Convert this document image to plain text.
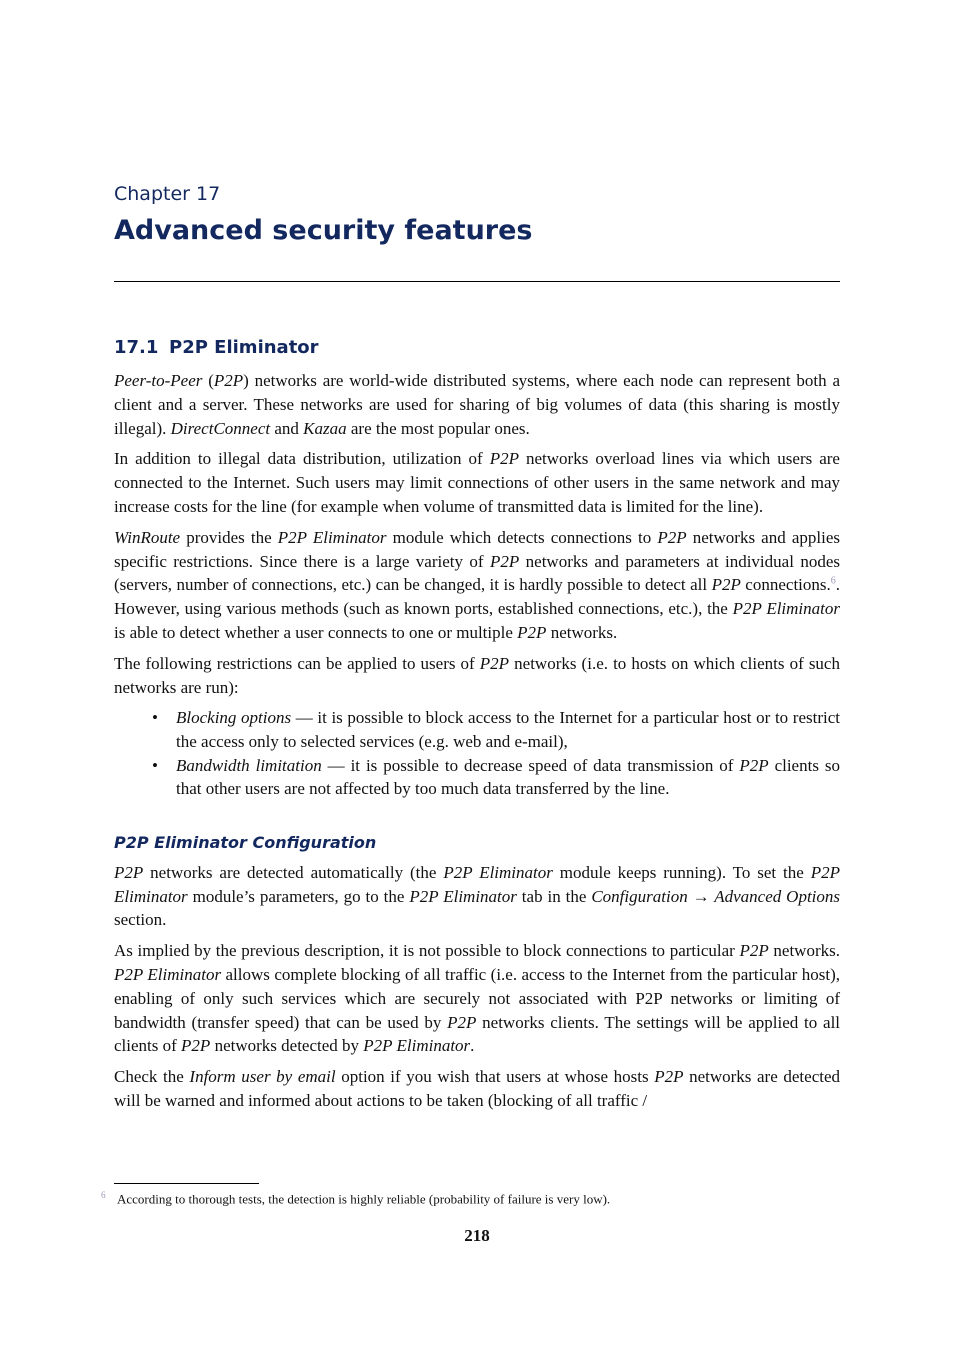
Chapter 17
Advanced security features
17.1 P2P Eliminator

Peer-to-Peer (P2P) networks are world-wide distributed systems, where each node can represent both a client and a server. These networks are used for sharing of big volumes of data (this sharing is mostly illegal). DirectConnect and Kazaa are the most popular ones.

In addition to illegal data distribution, utilization of P2P networks overload lines via which users are connected to the Internet. Such users may limit connections of other users in the same network and may increase costs for the line (for example when volume of transmitted data is limited for the line).

WinRoute provides the P2P Eliminator module which detects connections to P2P networks and applies specific restrictions. Since there is a large variety of P2P networks and parameters at individual nodes (servers, number of connections, etc.) can be changed, it is hardly possible to detect all P2P connections.$^6$. However, using various methods (such as known ports, established connections, etc.), the P2P Eliminator is able to detect whether a user connects to one or multiple P2P networks.

The following restrictions can be applied to users of P2P networks (i.e. to hosts on which clients of such networks are run):

• Blocking options — it is possible to block access to the Internet for a particular host or to restrict the access only to selected services (e.g. web and e-mail),
• Bandwidth limitation — it is possible to decrease speed of data transmission of P2P clients so that other users are not affected by too much data transferred by the line.
P2P Eliminator Configuration

P2P networks are detected automatically (the P2P Eliminator module keeps running). To set the P2P Eliminator module’s parameters, go to the P2P Eliminator tab in the Configuration → Advanced Options section.

As implied by the previous description, it is not possible to block connections to particular P2P networks. P2P Eliminator allows complete blocking of all traffic (i.e. access to the Internet from the particular host), enabling of only such services which are securely not associated with P2P networks or limiting of bandwidth (transfer speed) that can be used by P2P networks clients. The settings will be applied to all clients of P2P networks detected by P2P Eliminator.

Check the Inform user by email option if you wish that users at whose hosts P2P networks are detected will be warned and informed about actions to be taken (blocking of all traffic /

6 According to thorough tests, the detection is highly reliable (probability of failure is very low).
218
